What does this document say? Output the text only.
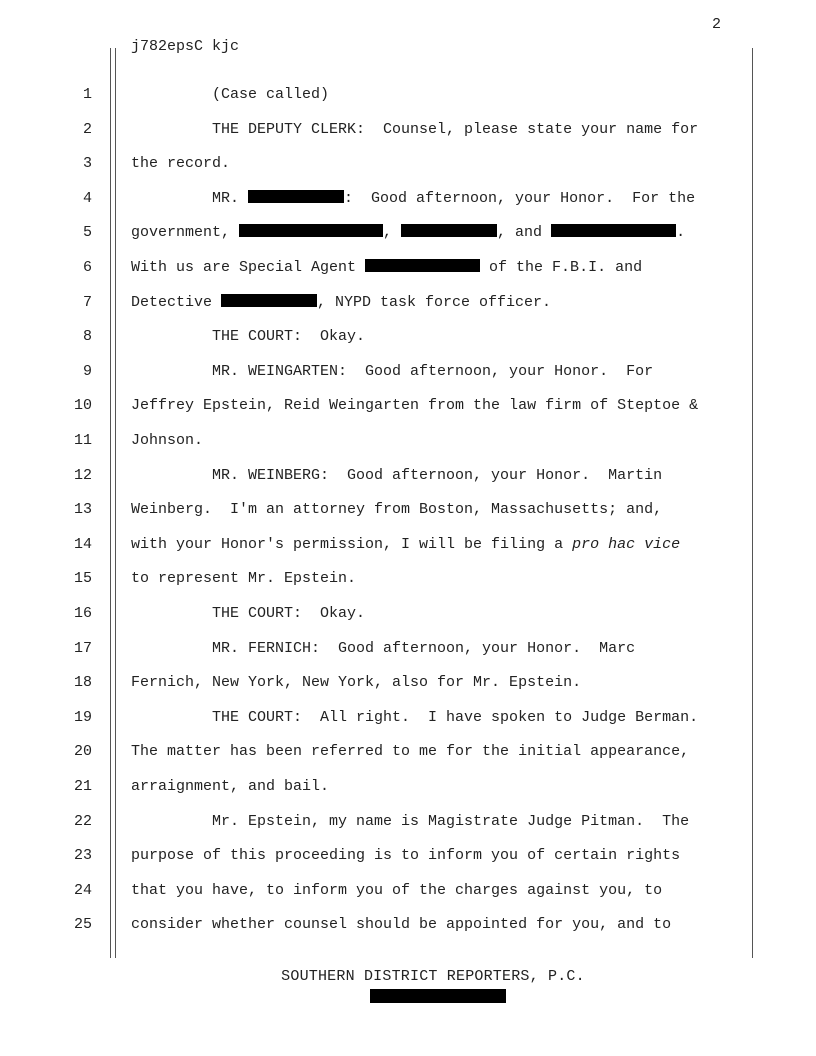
2
j782epsC kjc
1	(Case called)
2	THE DEPUTY CLERK:  Counsel, please state your name for
3	the record.
4	MR.	:  Good afternoon, your Honor.  For the
5	government,	,	, and	.
6	With us are Special Agent	of the F.B.I. and
7	Detective	, NYPD task force officer.
8	THE COURT:  Okay.
9	MR. WEINGARTEN:  Good afternoon, your Honor.  For
10	Jeffrey Epstein, Reid Weingarten from the law firm of Steptoe &
11	Johnson.
12	MR. WEINBERG:  Good afternoon, your Honor.  Martin
13	Weinberg.  I'm an attorney from Boston, Massachusetts; and,
14	with your Honor's permission, I will be filing a pro hac vice
15	to represent Mr. Epstein.
16	THE COURT:  Okay.
17	MR. FERNICH:  Good afternoon, your Honor.  Marc
18	Fernich, New York, New York, also for Mr. Epstein.
19	THE COURT:  All right.  I have spoken to Judge Berman.
20	The matter has been referred to me for the initial appearance,
21	arraignment, and bail.
22	Mr. Epstein, my name is Magistrate Judge Pitman.  The
23	purpose of this proceeding is to inform you of certain rights
24	that you have, to inform you of the charges against you, to
25	consider whether counsel should be appointed for you, and to
SOUTHERN DISTRICT REPORTERS, P.C.
